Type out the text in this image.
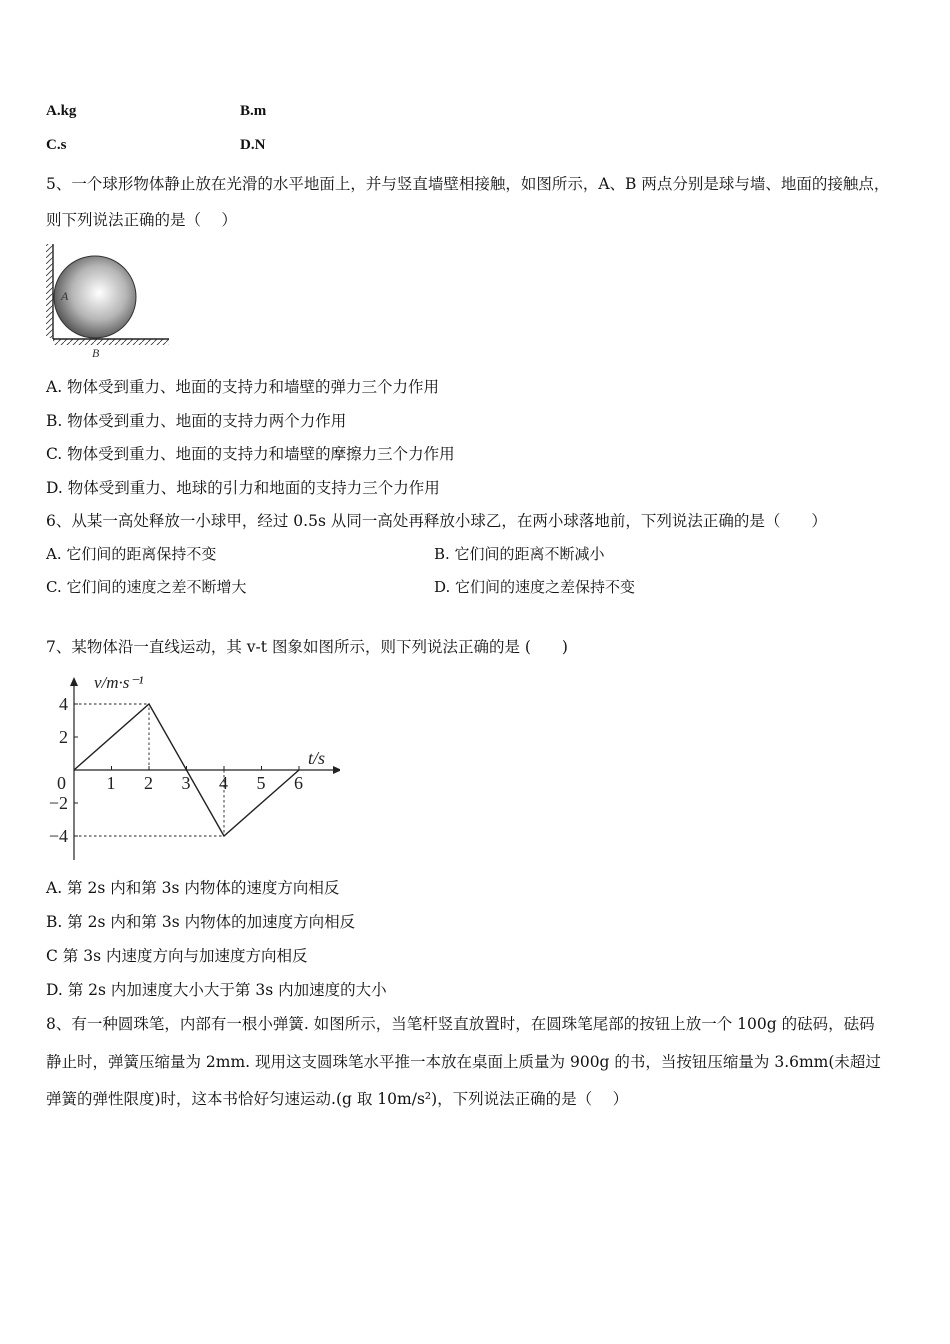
A.kg	B.m
C.s	D.N
5、一个球形物体静止放在光滑的水平地面上，并与竖直墙壁相接触，如图所示，A、B 两点分别是球与墙、地面的接触点，
则下列说法正确的是（　 ）
A
B
A. 物体受到重力、地面的支持力和墙壁的弹力三个力作用
B. 物体受到重力、地面的支持力两个力作用
C. 物体受到重力、地面的支持力和墙壁的摩擦力三个力作用
D. 物体受到重力、地球的引力和地面的支持力三个力作用
6、从某一高处释放一小球甲，经过 0.5s 从同一高处再释放小球乙，在两小球落地前，下列说法正确的是（　　）
A. 它们间的距离保持不变	B. 它们间的距离不断减小
C. 它们间的速度之差不断增大	D. 它们间的速度之差保持不变
7、某物体沿一直线运动，其 v-t 图象如图所示，则下列说法正确的是 (　　)
v/m·s⁻¹
t/s
0 1 2 3 4 5 6
4
2
−2
−4
A. 第 2s 内和第 3s 内物体的速度方向相反
B. 第 2s 内和第 3s 内物体的加速度方向相反
C 第 3s 内速度方向与加速度方向相反
D. 第 2s 内加速度大小大于第 3s 内加速度的大小
8、有一种圆珠笔，内部有一根小弹簧. 如图所示，当笔杆竖直放置时，在圆珠笔尾部的按钮上放一个 100g 的砝码，砝码
静止时，弹簧压缩量为 2mm. 现用这支圆珠笔水平推一本放在桌面上质量为 900g 的书，当按钮压缩量为 3.6mm(未超过
弹簧的弹性限度)时，这本书恰好匀速运动.(g 取 10m/s²)，下列说法正确的是（　 ）
